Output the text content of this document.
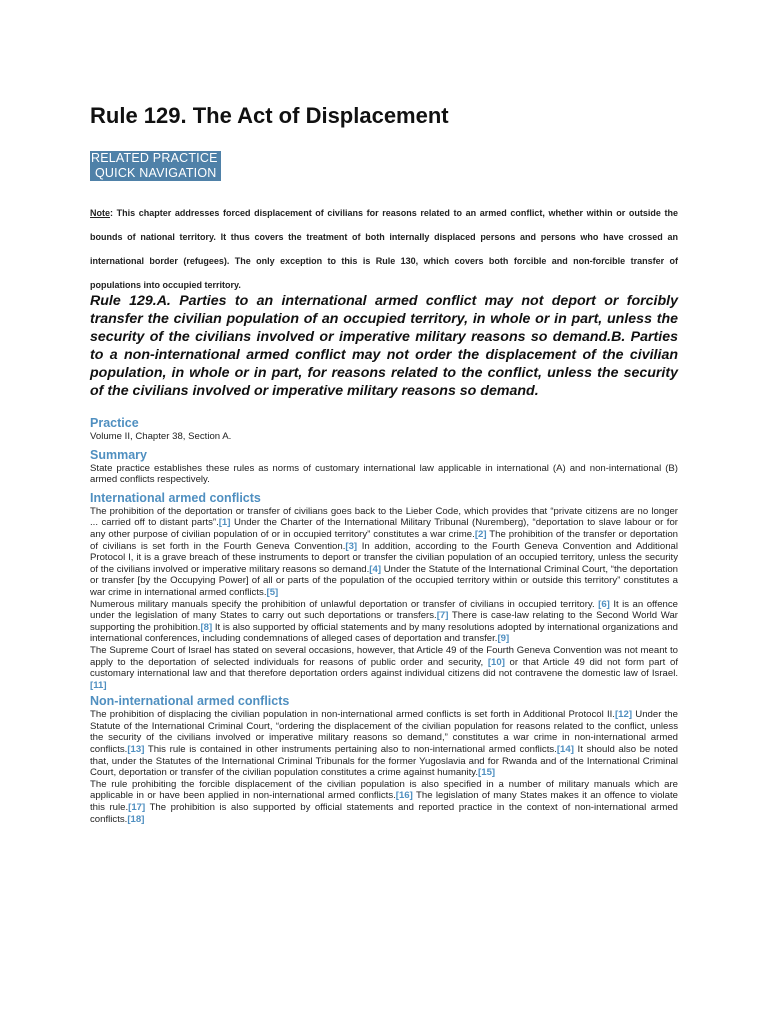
Rule 129. The Act of Displacement
RELATED PRACTICE
QUICK NAVIGATION

Note: This chapter addresses forced displacement of civilians for reasons related to an armed conflict, whether within or outside the bounds of national territory. It thus covers the treatment of both internally displaced persons and persons who have crossed an international border (refugees). The only exception to this is Rule 130, which covers both forcible and non-forcible transfer of populations into occupied territory.

Rule 129.A. Parties to an international armed conflict may not deport or forcibly transfer the civilian population of an occupied territory, in whole or in part, unless the security of the civilians involved or imperative military reasons so demand.B. Parties to a non-international armed conflict may not order the displacement of the civilian population, in whole or in part, for reasons related to the conflict, unless the security of the civilians involved or imperative military reasons so demand.

Practice

Volume II, Chapter 38, Section A.

Summary

State practice establishes these rules as norms of customary international law applicable in international (A) and non-international (B) armed conflicts respectively.

International armed conflicts

The prohibition of the deportation or transfer of civilians goes back to the Lieber Code, which provides that “private citizens are no longer ... carried off to distant parts”.[1] Under the Charter of the International Military Tribunal (Nuremberg), “deportation to slave labour or for any other purpose of civilian population of or in occupied territory” constitutes a war crime.[2] The prohibition of the transfer or deportation of civilians is set forth in the Fourth Geneva Convention.[3] In addition, according to the Fourth Geneva Convention and Additional Protocol I, it is a grave breach of these instruments to deport or transfer the civilian population of an occupied territory, unless the security of the civilians involved or imperative military reasons so demand.[4] Under the Statute of the International Criminal Court, “the deportation or transfer [by the Occupying Power] of all or parts of the population of the occupied territory within or outside this territory” constitutes a war crime in international armed conflicts.[5]

Numerous military manuals specify the prohibition of unlawful deportation or transfer of civilians in occupied territory. [6] It is an offence under the legislation of many States to carry out such deportations or transfers.[7] There is case-law relating to the Second World War supporting the prohibition.[8] It is also supported by official statements and by many resolutions adopted by international organizations and international conferences, including condemnations of alleged cases of deportation and transfer.[9]

The Supreme Court of Israel has stated on several occasions, however, that Article 49 of the Fourth Geneva Convention was not meant to apply to the deportation of selected individuals for reasons of public order and security, [10] or that Article 49 did not form part of customary international law and that therefore deportation orders against individual citizens did not contravene the domestic law of Israel.[11]

Non-international armed conflicts

The prohibition of displacing the civilian population in non-international armed conflicts is set forth in Additional Protocol II.[12] Under the Statute of the International Criminal Court, “ordering the displacement of the civilian population for reasons related to the conflict, unless the security of the civilians involved or imperative military reasons so demand,” constitutes a war crime in non-international armed conflicts.[13] This rule is contained in other instruments pertaining also to non-international armed conflicts.[14] It should also be noted that, under the Statutes of the International Criminal Tribunals for the former Yugoslavia and for Rwanda and of the International Criminal Court, deportation or transfer of the civilian population constitutes a crime against humanity.[15]

The rule prohibiting the forcible displacement of the civilian population is also specified in a number of military manuals which are applicable in or have been applied in non-international armed conflicts.[16] The legislation of many States makes it an offence to violate this rule.[17] The prohibition is also supported by official statements and reported practice in the context of non-international armed conflicts.[18]
